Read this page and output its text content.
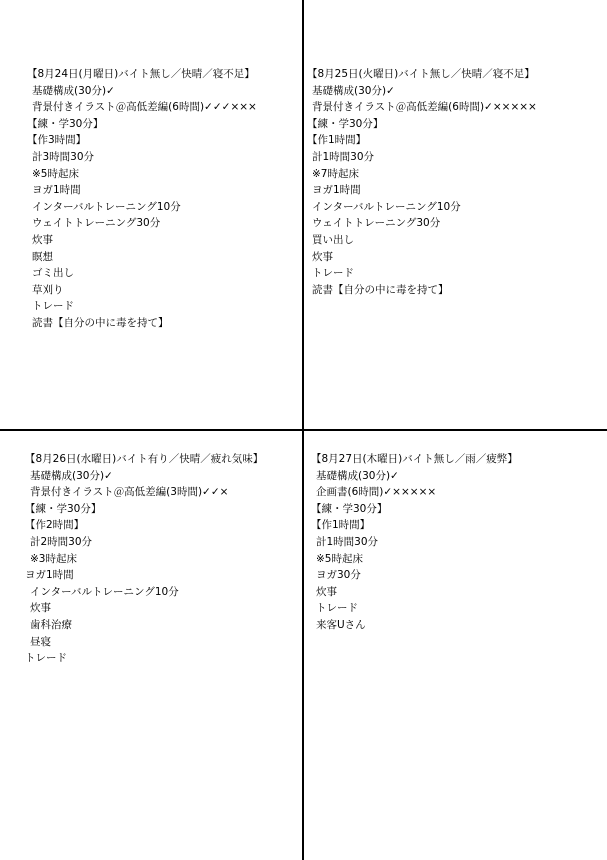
【8月24日(月曜日)バイト無し／快晴／寝不足】
基礎構成(30分)✓
背景付きイラスト＠高低差編(6時間)✓✓✓×××
【練・学30分】
【作3時間】
計3時間30分
※5時起床
ヨガ1時間
インターバルトレーニング10分
ウェイトトレーニング30分
炊事
瞑想
ゴミ出し
草刈り
トレード
読書【自分の中に毒を持て】
【8月25日(火曜日)バイト無し／快晴／寝不足】
基礎構成(30分)✓
背景付きイラスト＠高低差編(6時間)✓×××××
【練・学30分】
【作1時間】
計1時間30分
※7時起床
ヨガ1時間
インターバルトレーニング10分
ウェイトトレーニング30分
買い出し
炊事
トレード
読書【自分の中に毒を持て】
【8月26日(水曜日)バイト有り／快晴／疲れ気味】
基礎構成(30分)✓
背景付きイラスト＠高低差編(3時間)✓✓×
【練・学30分】
【作2時間】
計2時間30分
※3時起床
ヨガ1時間
インターバルトレーニング10分
炊事
歯科治療
昼寝
トレード
【8月27日(木曜日)バイト無し／雨／疲弊】
基礎構成(30分)✓
企画書(6時間)✓×××××
【練・学30分】
【作1時間】
計1時間30分
※5時起床
ヨガ30分
炊事
トレード
来客Uさん
